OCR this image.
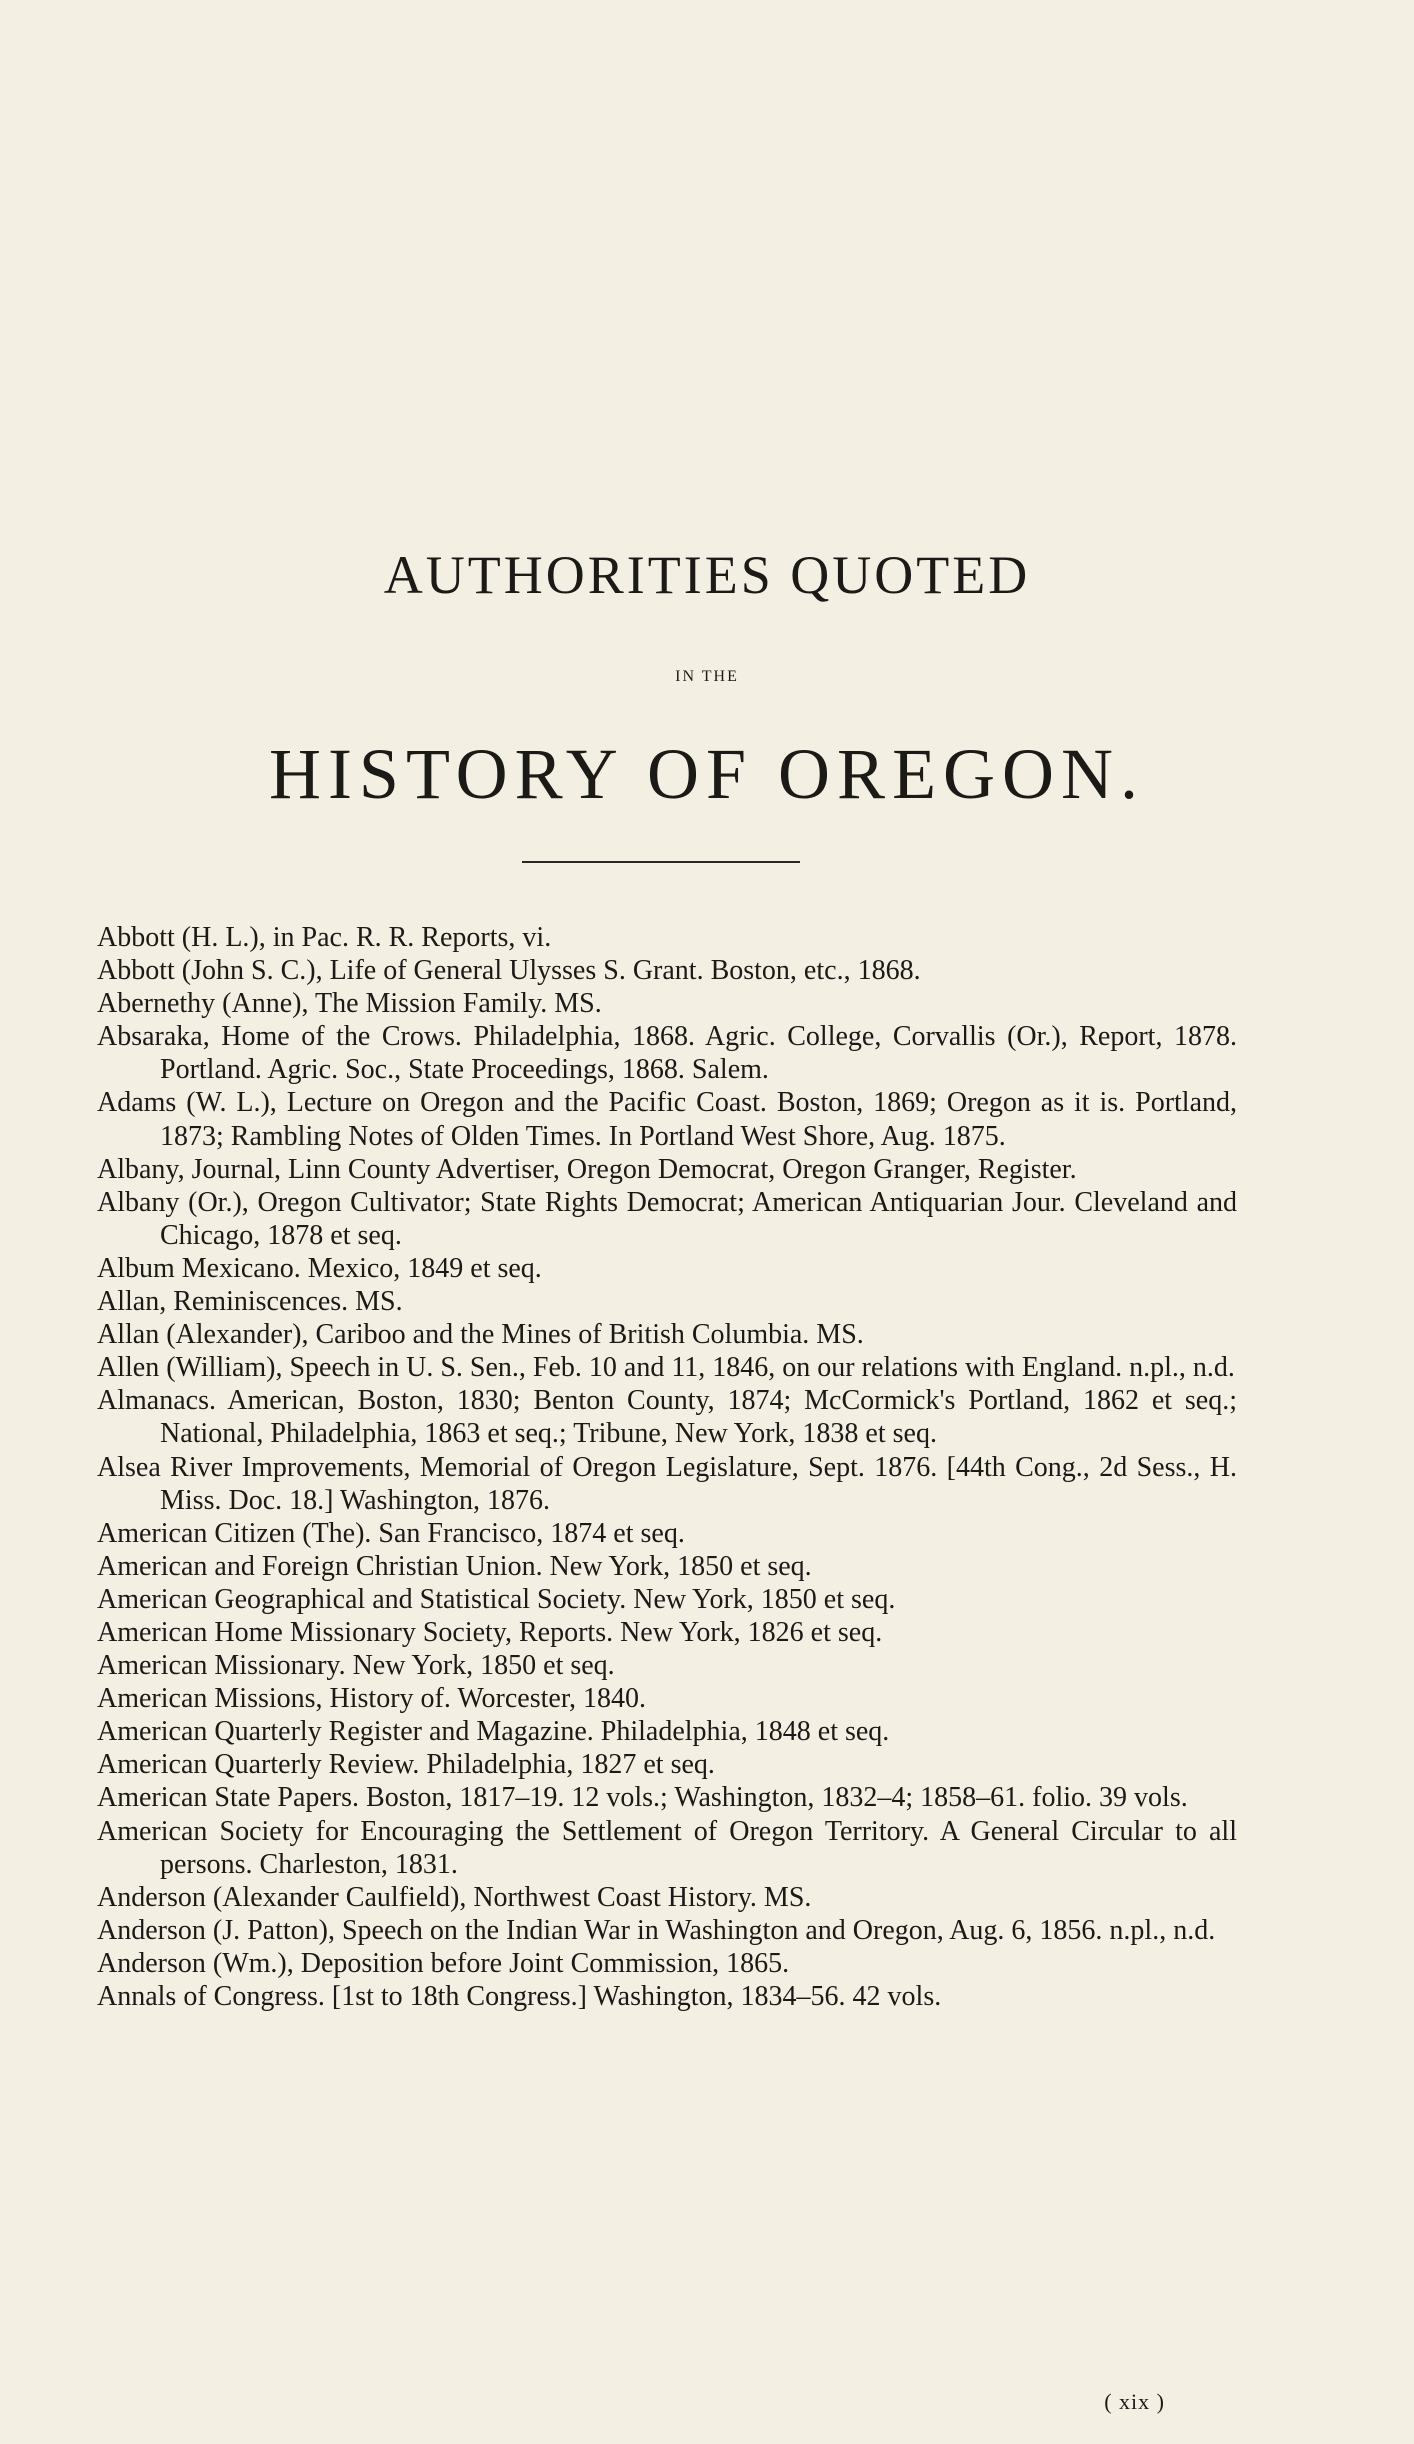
AUTHORITIES QUOTED
IN THE
HISTORY OF OREGON.
Abbott (H. L.), in Pac. R. R. Reports, vi.
Abbott (John S. C.), Life of General Ulysses S. Grant. Boston, etc., 1868.
Abernethy (Anne), The Mission Family. MS.
Absaraka, Home of the Crows. Philadelphia, 1868. Agric. College, Corvallis (Or.), Report, 1878. Portland. Agric. Soc., State Proceedings, 1868. Salem.
Adams (W. L.), Lecture on Oregon and the Pacific Coast. Boston, 1869; Oregon as it is. Portland, 1873; Rambling Notes of Olden Times. In Portland West Shore, Aug. 1875.
Albany, Journal, Linn County Advertiser, Oregon Democrat, Oregon Granger, Register.
Albany (Or.), Oregon Cultivator; State Rights Democrat; American Antiquarian Jour. Cleveland and Chicago, 1878 et seq.
Album Mexicano. Mexico, 1849 et seq.
Allan, Reminiscences. MS.
Allan (Alexander), Cariboo and the Mines of British Columbia. MS.
Allen (William), Speech in U. S. Sen., Feb. 10 and 11, 1846, on our relations with England. n.pl., n.d.
Almanacs. American, Boston, 1830; Benton County, 1874; McCormick's Portland, 1862 et seq.; National, Philadelphia, 1863 et seq.; Tribune, New York, 1838 et seq.
Alsea River Improvements, Memorial of Oregon Legislature, Sept. 1876. [44th Cong., 2d Sess., H. Miss. Doc. 18.] Washington, 1876.
American Citizen (The). San Francisco, 1874 et seq.
American and Foreign Christian Union. New York, 1850 et seq.
American Geographical and Statistical Society. New York, 1850 et seq.
American Home Missionary Society, Reports. New York, 1826 et seq.
American Missionary. New York, 1850 et seq.
American Missions, History of. Worcester, 1840.
American Quarterly Register and Magazine. Philadelphia, 1848 et seq.
American Quarterly Review. Philadelphia, 1827 et seq.
American State Papers. Boston, 1817–19. 12 vols.; Washington, 1832–4; 1858–61. folio. 39 vols.
American Society for Encouraging the Settlement of Oregon Territory. A General Circular to all persons. Charleston, 1831.
Anderson (Alexander Caulfield), Northwest Coast History. MS.
Anderson (J. Patton), Speech on the Indian War in Washington and Oregon, Aug. 6, 1856. n.pl., n.d.
Anderson (Wm.), Deposition before Joint Commission, 1865.
Annals of Congress. [1st to 18th Congress.] Washington, 1834–56. 42 vols.
( xix )
